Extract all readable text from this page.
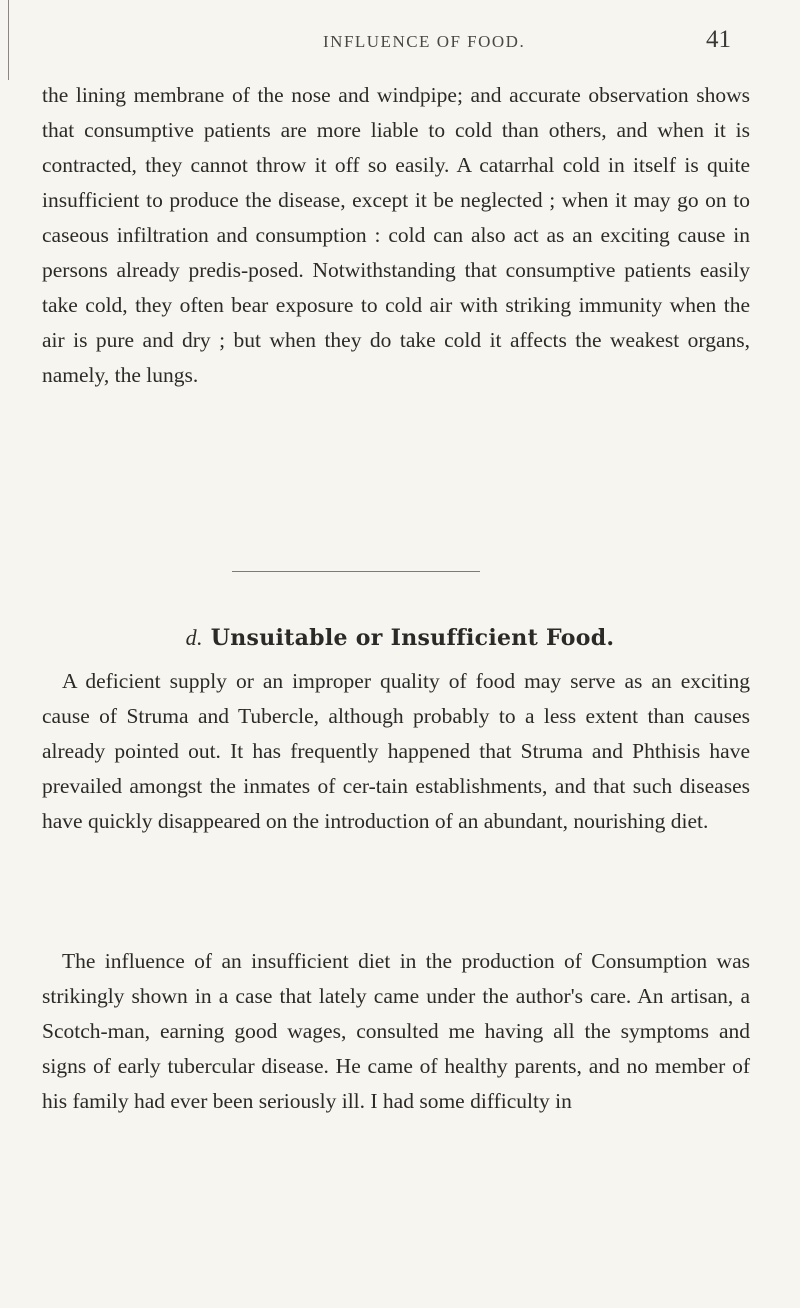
INFLUENCE OF FOOD.	41

the lining membrane of the nose and windpipe; and accurate observation shows that consumptive patients are more liable to cold than others, and when it is contracted, they cannot throw it off so easily. A catarrhal cold in itself is quite insufficient to produce the disease, except it be neglected ; when it may go on to caseous infiltration and consumption : cold can also act as an exciting cause in persons already predis-posed. Notwithstanding that consumptive patients easily take cold, they often bear exposure to cold air with striking immunity when the air is pure and dry ; but when they do take cold it affects the weakest organs, namely, the lungs.

d. Unsuitable or Insufficient Food.

A deficient supply or an improper quality of food may serve as an exciting cause of Struma and Tubercle, although probably to a less extent than causes already pointed out. It has frequently happened that Struma and Phthisis have prevailed amongst the inmates of cer-tain establishments, and that such diseases have quickly disappeared on the introduction of an abundant, nourishing diet.

The influence of an insufficient diet in the production of Consumption was strikingly shown in a case that lately came under the author's care. An artisan, a Scotch-man, earning good wages, consulted me having all the symptoms and signs of early tubercular disease. He came of healthy parents, and no member of his family had ever been seriously ill. I had some difficulty in
